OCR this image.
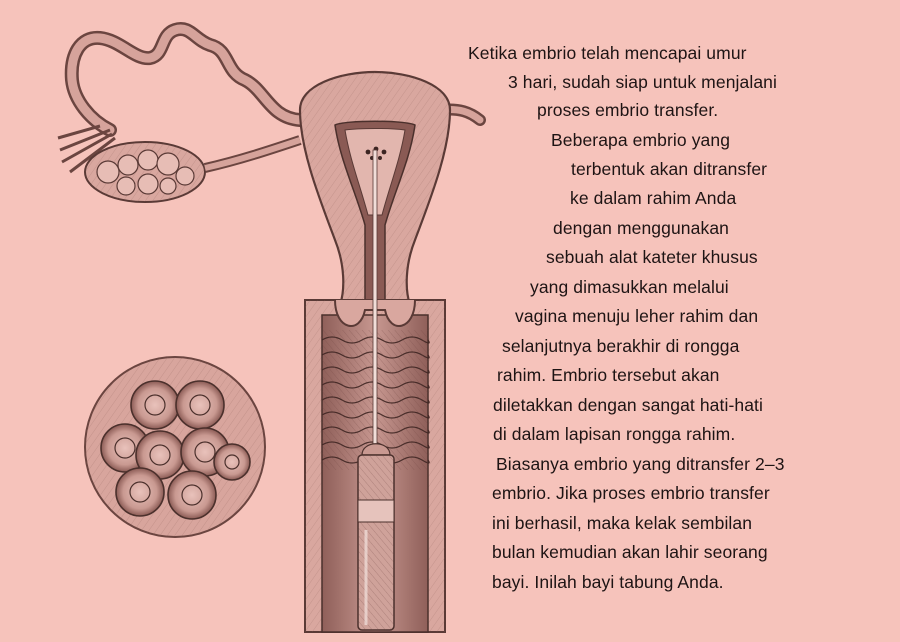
Ketika embrio telah mencapai umur
3 hari, sudah siap untuk menjalani
proses embrio transfer.
Beberapa embrio yang
terbentuk akan ditransfer
ke dalam rahim Anda
dengan menggunakan
sebuah alat kateter khusus
yang dimasukkan melalui
vagina menuju leher rahim dan
selanjutnya berakhir di rongga
rahim. Embrio tersebut akan
diletakkan dengan sangat hati-hati
di dalam lapisan rongga rahim.
Biasanya embrio yang ditransfer 2–3
embrio. Jika proses embrio transfer
ini berhasil, maka kelak sembilan
bulan kemudian akan lahir seorang
bayi. Inilah bayi tabung Anda.
